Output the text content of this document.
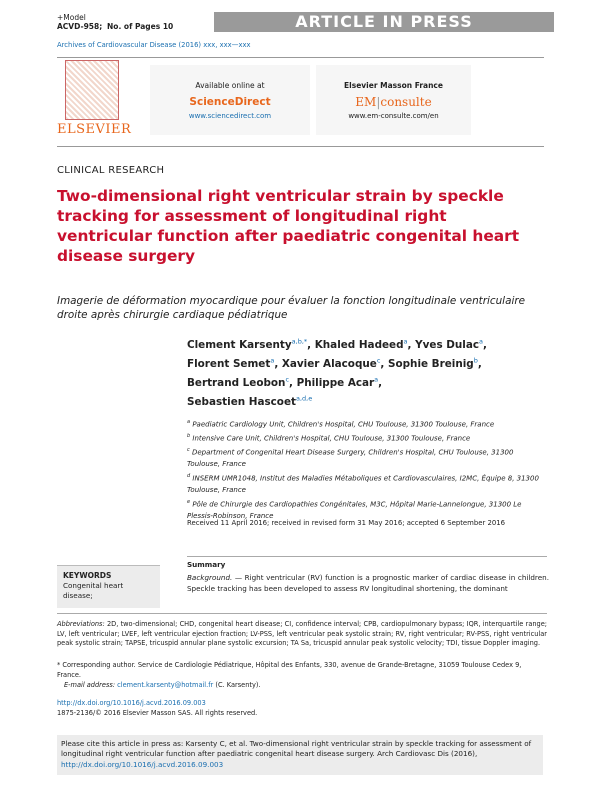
+Model
ACVD-958; No. of Pages 10	ARTICLE IN PRESS
Archives of Cardiovascular Disease (2016) xxx, xxx—xxx
ELSEVIER
Available online at
ScienceDirect
www.sciencedirect.com
Elsevier Masson France
EM|consulte
www.em-consulte.com/en
CLINICAL RESEARCH
Two-dimensional right ventricular strain by speckle tracking for assessment of longitudinal right ventricular function after paediatric congenital heart disease surgery
Imagerie de déformation myocardique pour évaluer la fonction longitudinale ventriculaire droite après chirurgie cardiaque pédiatrique
Clement Karsenty$^{a,b,*}$, Khaled Hadeed$^a$, Yves Dulac$^a$,
Florent Semet$^a$, Xavier Alacoque$^c$, Sophie Breinig$^b$,
Bertrand Leobon$^c$, Philippe Acar$^a$,
Sebastien Hascoet$^{a,d,e}$
$^a$ Paediatric Cardiology Unit, Children's Hospital, CHU Toulouse, 31300 Toulouse, France
$^b$ Intensive Care Unit, Children's Hospital, CHU Toulouse, 31300 Toulouse, France
$^c$ Department of Congenital Heart Disease Surgery, Children's Hospital, CHU Toulouse, 31300 Toulouse, France
$^d$ INSERM UMR1048, Institut des Maladies Métaboliques et Cardiovasculaires, I2MC, Équipe 8, 31300 Toulouse, France
$^e$ Pôle de Chirurgie des Cardiopathies Congénitales, M3C, Hôpital Marie-Lannelongue, 31300 Le Plessis-Robinson, France
Received 11 April 2016; received in revised form 31 May 2016; accepted 6 September 2016
KEYWORDS
Congenital heart disease;
Summary
Background. — Right ventricular (RV) function is a prognostic marker of cardiac disease in children. Speckle tracking has been developed to assess RV longitudinal shortening, the dominant
Abbreviations: 2D, two-dimensional; CHD, congenital heart disease; CI, confidence interval; CPB, cardiopulmonary bypass; IQR, interquartile range; LV, left ventricular; LVEF, left ventricular ejection fraction; LV-PSS, left ventricular peak systolic strain; RV, right ventricular; RV-PSS, right ventricular peak systolic strain; TAPSE, tricuspid annular plane systolic excursion; TA Sa, tricuspid annular peak systolic velocity; TDI, tissue Doppler imaging.
* Corresponding author. Service de Cardiologie Pédiatrique, Hôpital des Enfants, 330, avenue de Grande-Bretagne, 31059 Toulouse Cedex 9, France.
E-mail address: clement.karsenty@hotmail.fr (C. Karsenty).
http://dx.doi.org/10.1016/j.acvd.2016.09.003
1875-2136/© 2016 Elsevier Masson SAS. All rights reserved.
Please cite this article in press as: Karsenty C, et al. Two-dimensional right ventricular strain by speckle tracking for assessment of longitudinal right ventricular function after paediatric congenital heart disease surgery. Arch Cardiovasc Dis (2016), http://dx.doi.org/10.1016/j.acvd.2016.09.003
